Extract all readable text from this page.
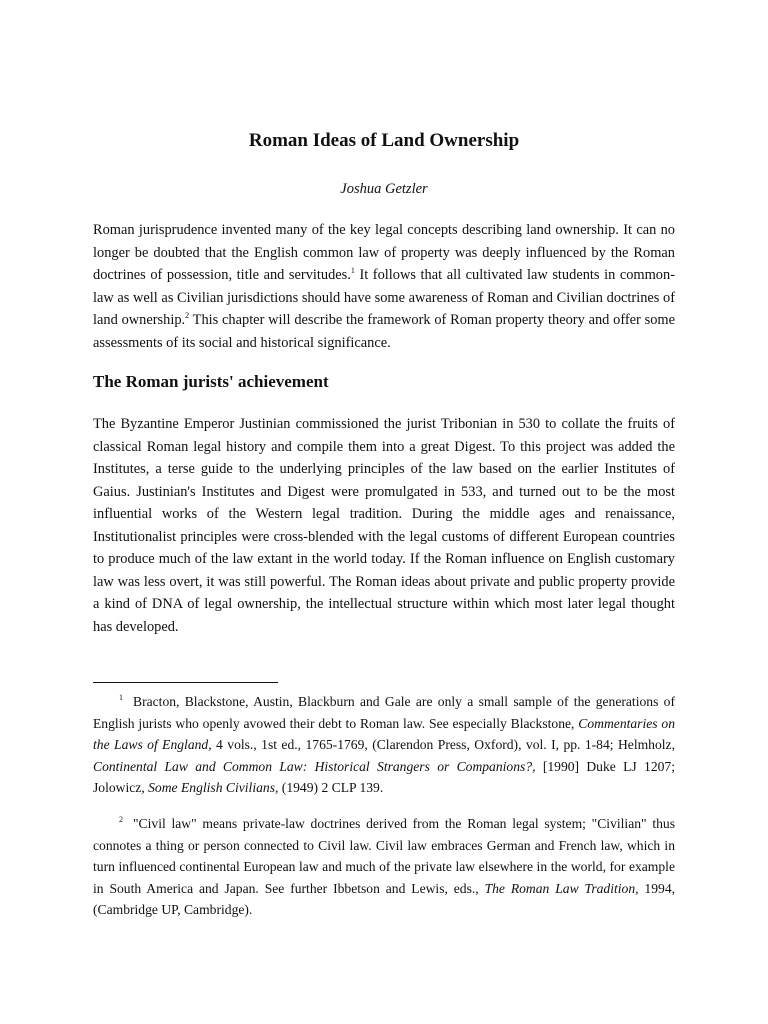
Roman Ideas of Land Ownership
Joshua Getzler

Roman jurisprudence invented many of the key legal concepts describing land ownership. It can no longer be doubted that the English common law of property was deeply influenced by the Roman doctrines of possession, title and servitudes.$^1$ It follows that all cultivated law students in common-law as well as Civilian jurisdictions should have some awareness of Roman and Civilian doctrines of land ownership.$^2$ This chapter will describe the framework of Roman property theory and offer some assessments of its social and historical significance.

The Roman jurists' achievement

The Byzantine Emperor Justinian commissioned the jurist Tribonian in 530 to collate the fruits of classical Roman legal history and compile them into a great Digest. To this project was added the Institutes, a terse guide to the underlying principles of the law based on the earlier Institutes of Gaius. Justinian's Institutes and Digest were promulgated in 533, and turned out to be the most influential works of the Western legal tradition. During the middle ages and renaissance, Institutionalist principles were cross-blended with the legal customs of different European countries to produce much of the law extant in the world today. If the Roman influence on English customary law was less overt, it was still powerful. The Roman ideas about private and public property provide a kind of DNA of legal ownership, the intellectual structure within which most later legal thought has developed.

$^1$ Bracton, Blackstone, Austin, Blackburn and Gale are only a small sample of the generations of English jurists who openly avowed their debt to Roman law. See especially Blackstone, Commentaries on the Laws of England, 4 vols., 1st ed., 1765-1769, (Clarendon Press, Oxford), vol. I, pp. 1-84; Helmholz, Continental Law and Common Law: Historical Strangers or Companions?, [1990] Duke LJ 1207; Jolowicz, Some English Civilians, (1949) 2 CLP 139.

$^2$ "Civil law" means private-law doctrines derived from the Roman legal system; "Civilian" thus connotes a thing or person connected to Civil law. Civil law embraces German and French law, which in turn influenced continental European law and much of the private law elsewhere in the world, for example in South America and Japan. See further Ibbetson and Lewis, eds., The Roman Law Tradition, 1994, (Cambridge UP, Cambridge).
